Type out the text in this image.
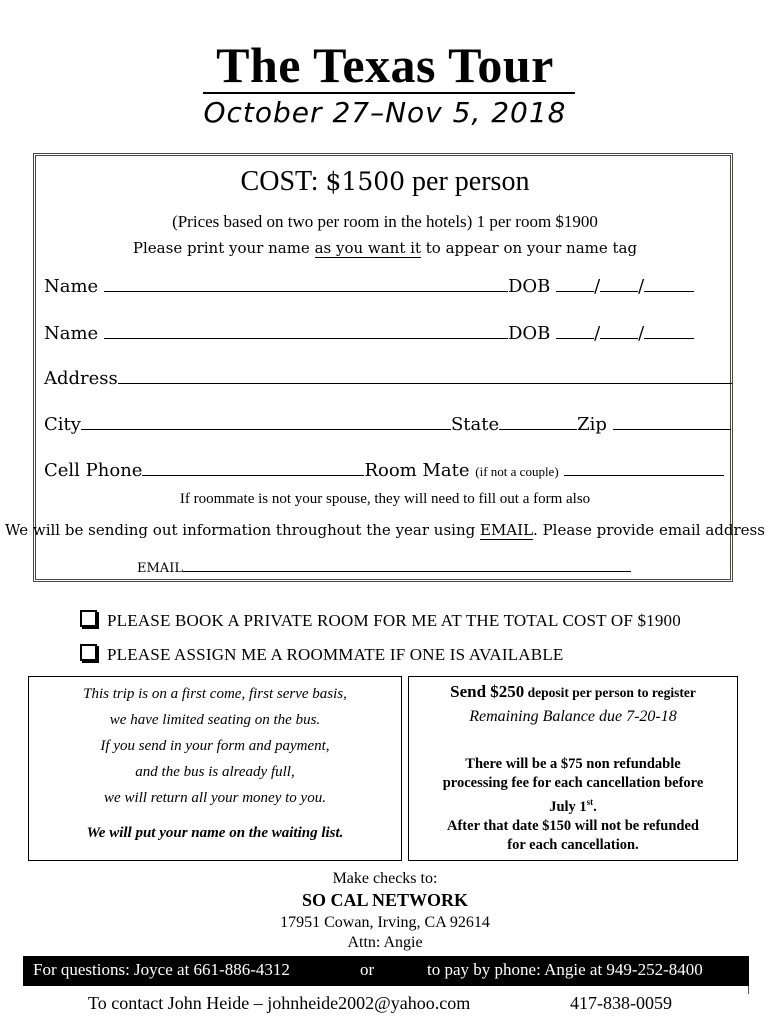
The Texas Tour
October 27–Nov 5, 2018
COST: $1500 per person
(Prices based on two per room in the hotels) 1 per room $1900
Please print your name as you want it to appear on your name tag
Name	DOB / /
Name	DOB / /
Address
City	State	Zip
Cell Phone	Room Mate (if not a couple)
If roommate is not your spouse, they will need to fill out a form also
We will be sending out information throughout the year using EMAIL. Please provide email address
EMAIL
PLEASE BOOK A PRIVATE ROOM FOR ME AT THE TOTAL COST OF $1900
PLEASE ASSIGN ME A ROOMMATE IF ONE IS AVAILABLE
This trip is on a first come, first serve basis,
we have limited seating on the bus.
If you send in your form and payment,
and the bus is already full,
we will return all your money to you.
We will put your name on the waiting list.
Send $250 deposit per person to register
Remaining Balance due 7-20-18
There will be a $75 non refundable
processing fee for each cancellation before
July 1st.
After that date $150 will not be refunded
for each cancellation.
Make checks to:
SO CAL NETWORK
17951 Cowan, Irving, CA 92614
Attn: Angie
For questions: Joyce at 661-886-4312	or	to pay by phone: Angie at 949-252-8400
To contact John Heide – johnheide2002@yahoo.com	417-838-0059
